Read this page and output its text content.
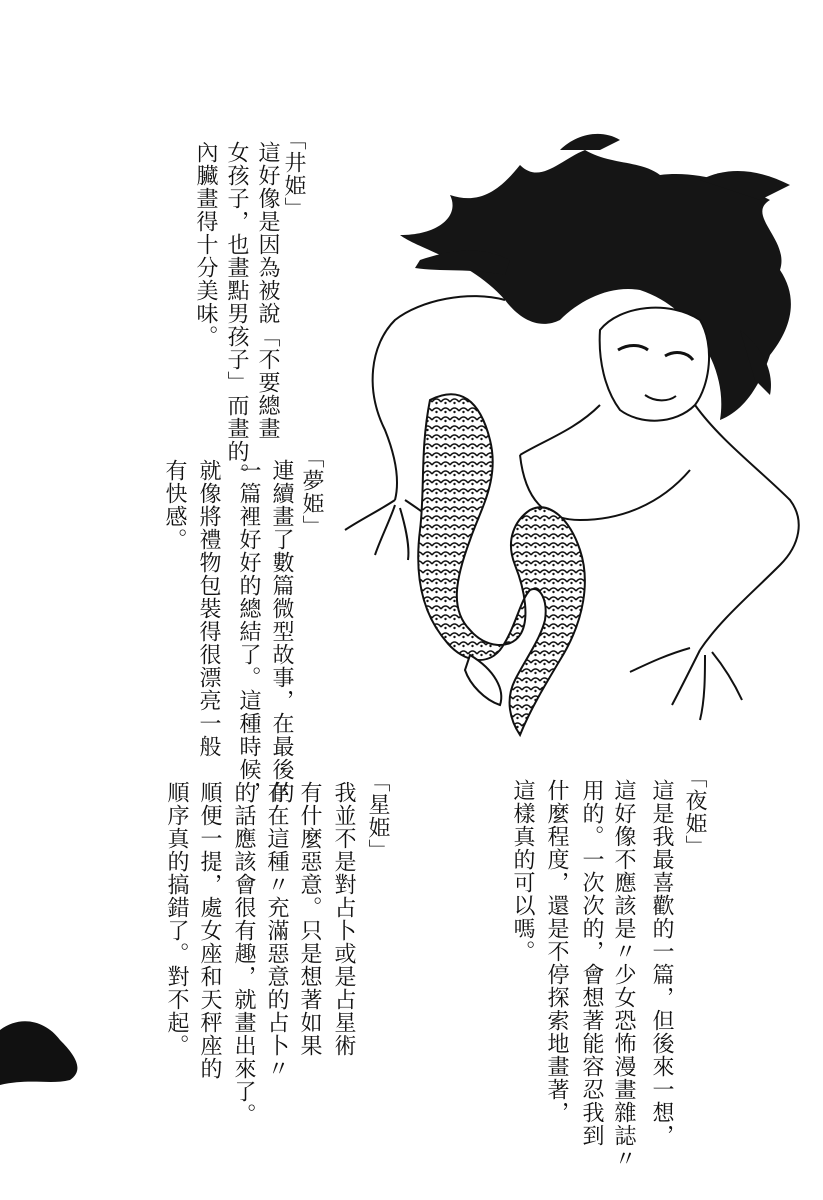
「井姫」

這好像是因為被說「不要總畫

女孩子，也畫點男孩子」而畫的。

內臟畫得十分美味。

「夢姫」

連續畫了數篇微型故事，在最後的

一篇裡好好的總結了。這種時候，

就像將禮物包裝得很漂亮一般

有快感。

「星姫」

我並不是對占卜或是占星術

有什麼惡意。只是想著如果

存在這種〃充滿惡意的占卜〃

的話應該會很有趣，就畫出來了。

順便一提，處女座和天秤座的

順序真的搞錯了。對不起。	「夜姫」

這是我最喜歡的一篇，但後來一想，

這好像不應該是〃少女恐怖漫畫雜誌〃

用的。一次次的，會想著能容忍我到

什麼程度，還是不停探索地畫著，

這樣真的可以嗎。
